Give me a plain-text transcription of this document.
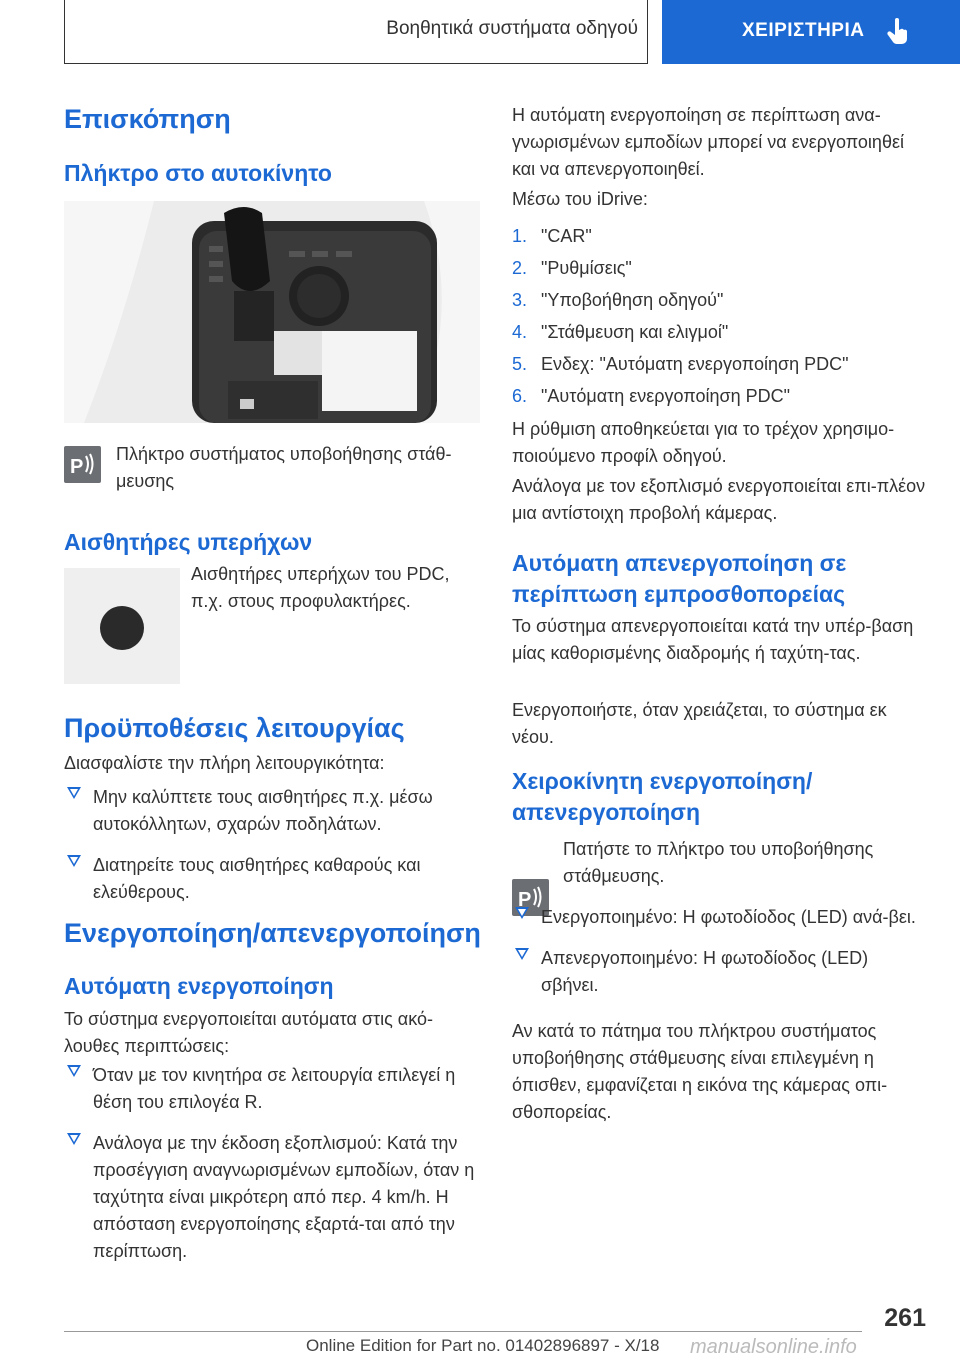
Βοηθητικά συστήματα οδηγού	ΧΕΙΡΙΣΤΗΡΙΑ
Επισκόπηση
Πλήκτρο στο αυτοκίνητο
P
Πλήκτρο συστήματος υποβοήθησης στάθ-μευσης
Αισθητήρες υπερήχων
Αισθητήρες υπερήχων του PDC, π.χ. στους προφυλακτήρες.
Προϋποθέσεις λειτουργίας
Διασφαλίστε την πλήρη λειτουργικότητα:
Μην καλύπτετε τους αισθητήρες π.χ. μέσω αυτοκόλλητων, σχαρών ποδηλάτων.
Διατηρείτε τους αισθητήρες καθαρούς και ελεύθερους.
Ενεργοποίηση/απενεργοποίηση
Αυτόματη ενεργοποίηση
Το σύστημα ενεργοποιείται αυτόματα στις ακό-λουθες περιπτώσεις:
Όταν με τον κινητήρα σε λειτουργία επιλεγεί η θέση του επιλογέα R.
Ανάλογα με την έκδοση εξοπλισμού: Κατά την προσέγγιση αναγνωρισμένων εμποδίων, όταν η ταχύτητα είναι μικρότερη από περ. 4 km/h. Η απόσταση ενεργοποίησης εξαρτά-ται από την περίπτωση.
Η αυτόματη ενεργοποίηση σε περίπτωση ανα-γνωρισμένων εμποδίων μπορεί να ενεργοποιηθεί και να απενεργοποιηθεί.
Μέσω του iDrive:
1. "CAR"
2. "Ρυθμίσεις"
3. "Υποβοήθηση οδηγού"
4. "Στάθμευση και ελιγμοί"
5. Ενδεχ: "Αυτόματη ενεργοποίηση PDC"
6. "Αυτόματη ενεργοποίηση PDC"
Η ρύθμιση αποθηκεύεται για το τρέχον χρησιμο-ποιούμενο προφίλ οδηγού.
Ανάλογα με τον εξοπλισμό ενεργοποιείται επι-πλέον μια αντίστοιχη προβολή κάμερας.
Αυτόματη απενεργοποίηση σε περίπτωση εμπροσθοπορείας
Το σύστημα απενεργοποιείται κατά την υπέρ-βαση μίας καθορισμένης διαδρομής ή ταχύτη-τας.
Ενεργοποιήστε, όταν χρειάζεται, το σύστημα εκ νέου.
Χειροκίνητη ενεργοποίηση/απενεργοποίηση
P
Πατήστε το πλήκτρο του υποβοήθησης στάθμευσης.
Ενεργοποιημένο: Η φωτοδίοδος (LED) ανά-βει.
Απενεργοποιημένο: Η φωτοδίοδος (LED) σβήνει.
Αν κατά το πάτημα του πλήκτρου συστήματος υποβοήθησης στάθμευσης είναι επιλεγμένη η όπισθεν, εμφανίζεται η εικόνα της κάμερας οπι-σθοπορείας.
261
Online Edition for Part no. 01402896897 - X/18 manualsonline.info
